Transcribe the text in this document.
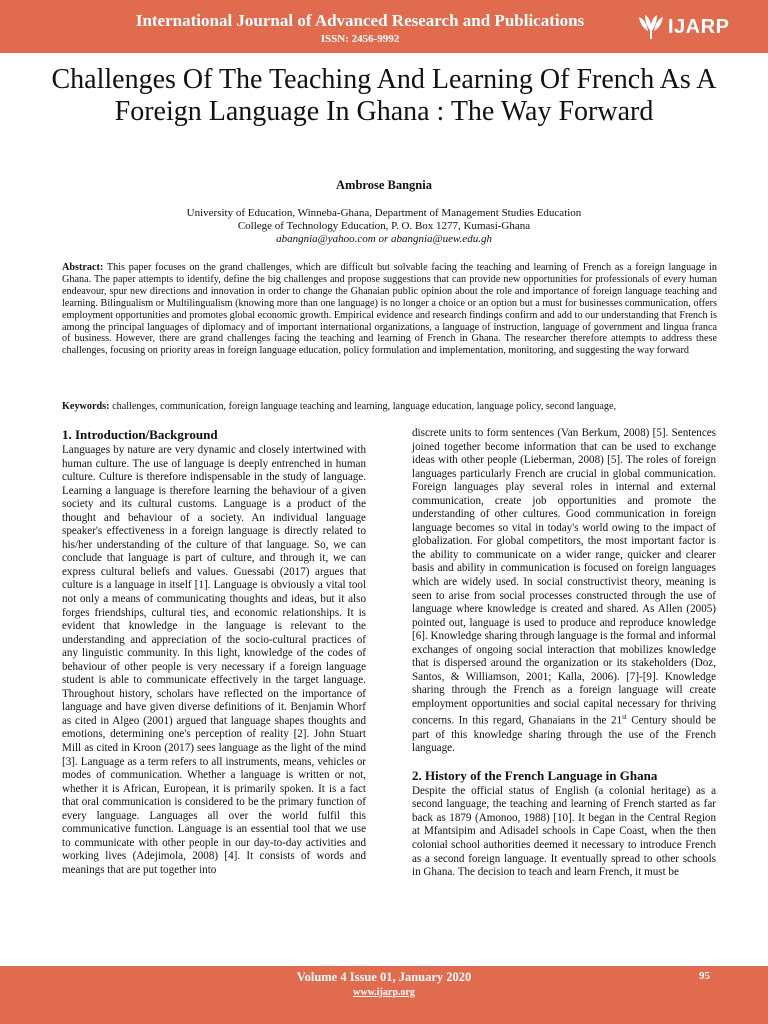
International Journal of Advanced Research and Publications
ISSN: 2456-9992
IJARP
Challenges Of The Teaching And Learning Of French As A Foreign Language In Ghana : The Way Forward
Ambrose Bangnia
University of Education, Winneba-Ghana, Department of Management Studies Education
College of Technology Education, P. O. Box 1277, Kumasi-Ghana
abangnia@yahoo.com or abangnia@uew.edu.gh
Abstract: This paper focuses on the grand challenges, which are difficult but solvable facing the teaching and learning of French as a foreign language in Ghana. The paper attempts to identify, define the big challenges and propose suggestions that can provide new opportunities for professionals of every human endeavour, spur new directions and innovation in order to change the Ghanaian public opinion about the role and importance of foreign language teaching and learning. Bilingualism or Multilingualism (knowing more than one language) is no longer a choice or an option but a must for businesses communication, offers employment opportunities and promotes global economic growth. Empirical evidence and research findings confirm and add to our understanding that French is among the principal languages of diplomacy and of important international organizations, a language of instruction, language of government and lingua franca of business. However, there are grand challenges facing the teaching and learning of French in Ghana. The researcher therefore attempts to address these challenges, focusing on priority areas in foreign language education, policy formulation and implementation, monitoring, and suggesting the way forward
Keywords: challenges, communication, foreign language teaching and learning, language education, language policy, second language,
1. Introduction/Background

Languages by nature are very dynamic and closely intertwined with human culture. The use of language is deeply entrenched in human culture. Culture is therefore indispensable in the study of language. Learning a language is therefore learning the behaviour of a given society and its cultural customs. Language is a product of the thought and behaviour of a society. An individual language speaker's effectiveness in a foreign language is directly related to his/her understanding of the culture of that language. So, we can conclude that language is part of culture, and through it, we can express cultural beliefs and values. Guessabi (2017) argues that culture is a language in itself [1]. Language is obviously a vital tool not only a means of communicating thoughts and ideas, but it also forges friendships, cultural ties, and economic relationships. It is evident that knowledge in the language is relevant to the understanding and appreciation of the socio-cultural practices of any linguistic community. In this light, knowledge of the codes of behaviour of other people is very necessary if a foreign language student is able to communicate effectively in the target language. Throughout history, scholars have reflected on the importance of language and have given diverse definitions of it. Benjamin Whorf as cited in Algeo (2001) argued that language shapes thoughts and emotions, determining one's perception of reality [2]. John Stuart Mill as cited in Kroon (2017) sees language as the light of the mind [3]. Language as a term refers to all instruments, means, vehicles or modes of communication. Whether a language is written or not, whether it is African, European, it is primarily spoken. It is a fact that oral communication is considered to be the primary function of every language. Languages all over the world fulfil this communicative function. Language is an essential tool that we use to communicate with other people in our day-to-day activities and working lives (Adejimola, 2008) [4]. It consists of words and meanings that are put together into

discrete units to form sentences (Van Berkum, 2008) [5]. Sentences joined together become information that can be used to exchange ideas with other people (Lieberman, 2008) [5]. The roles of foreign languages particularly French are crucial in global communication. Foreign languages play several roles in internal and external communication, create job opportunities and promote the understanding of other cultures. Good communication in foreign language becomes so vital in today's world owing to the impact of globalization. For global competitors, the most important factor is the ability to communicate on a wider range, quicker and clearer basis and ability in communication is focused on foreign languages which are widely used. In social constructivist theory, meaning is seen to arise from social processes constructed through the use of language where knowledge is created and shared. As Allen (2005) pointed out, language is used to produce and reproduce knowledge [6]. Knowledge sharing through language is the formal and informal exchanges of ongoing social interaction that mobilizes knowledge that is dispersed around the organization or its stakeholders (Doz, Santos, & Williamson, 2001; Kalla, 2006). [7]-[9]. Knowledge sharing through the French as a foreign language will create employment opportunities and social capital necessary for thriving concerns. In this regard, Ghanaians in the 21st Century should be part of this knowledge sharing through the use of the French language.

2. History of the French Language in Ghana

Despite the official status of English (a colonial heritage) as a second language, the teaching and learning of French started as far back as 1879 (Amonoo, 1988) [10]. It began in the Central Region at Mfantsipim and Adisadel schools in Cape Coast, when the then colonial school authorities deemed it necessary to introduce French as a second foreign language. It eventually spread to other schools in Ghana. The decision to teach and learn French, it must be

Volume 4 Issue 01, January 2020
www.ijarp.org
95
